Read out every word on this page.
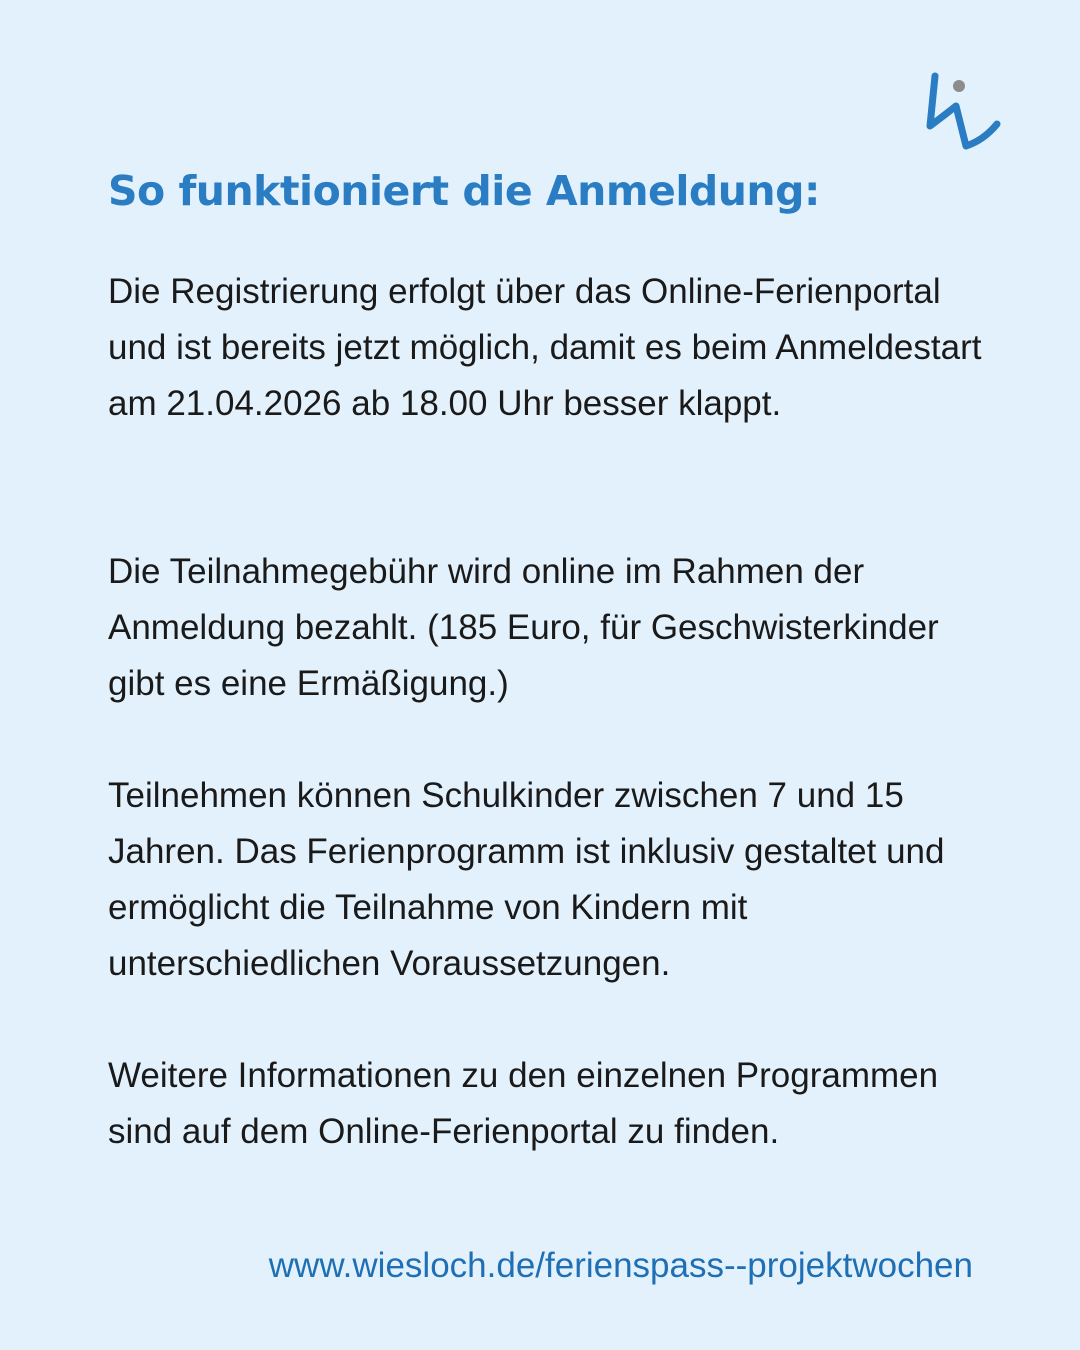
So funktioniert die Anmeldung:

Die Registrierung erfolgt über das Online-Ferienportal und ist bereits jetzt möglich, damit es beim Anmeldestart am 21.04.2026 ab 18.00 Uhr besser klappt.

Die Teilnahmegebühr wird online im Rahmen der Anmeldung bezahlt. (185 Euro, für Geschwisterkinder gibt es eine Ermäßigung.)

Teilnehmen können Schulkinder zwischen 7 und 15 Jahren. Das Ferienprogramm ist inklusiv gestaltet und ermöglicht die Teilnahme von Kindern mit unterschiedlichen Voraussetzungen.

Weitere Informationen zu den einzelnen Programmen sind auf dem Online-Ferienportal zu finden.

www.wiesloch.de/ferienspass--projektwochen
